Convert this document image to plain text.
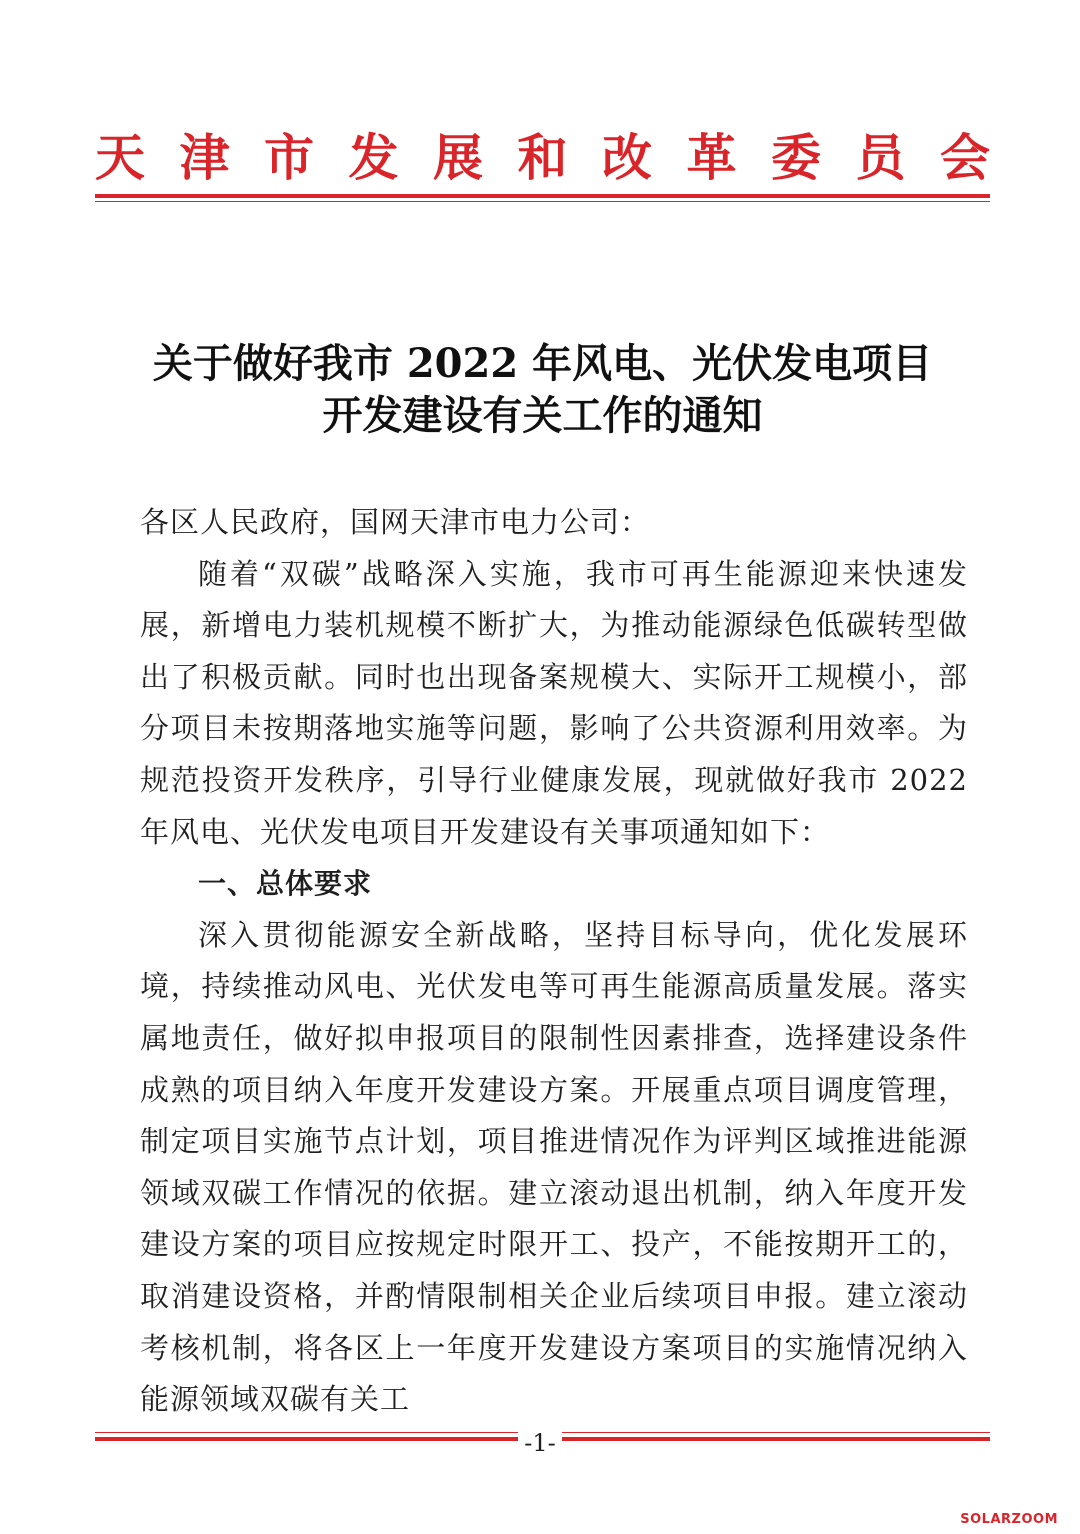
天 津 市 发 展 和 改 革 委 员 会
关于做好我市 2022 年风电、光伏发电项目
开发建设有关工作的通知

各区人民政府，国网天津市电力公司：

随着“双碳”战略深入实施，我市可再生能源迎来快速发展，新增电力装机规模不断扩大，为推动能源绿色低碳转型做出了积极贡献。同时也出现备案规模大、实际开工规模小，部分项目未按期落地实施等问题，影响了公共资源利用效率。为规范投资开发秩序，引导行业健康发展，现就做好我市 2022 年风电、光伏发电项目开发建设有关事项通知如下：

一、总体要求

深入贯彻能源安全新战略，坚持目标导向，优化发展环境，持续推动风电、光伏发电等可再生能源高质量发展。落实属地责任，做好拟申报项目的限制性因素排查，选择建设条件成熟的项目纳入年度开发建设方案。开展重点项目调度管理，制定项目实施节点计划，项目推进情况作为评判区域推进能源领域双碳工作情况的依据。建立滚动退出机制，纳入年度开发建设方案的项目应按规定时限开工、投产，不能按期开工的，取消建设资格，并酌情限制相关企业后续项目申报。建立滚动考核机制，将各区上一年度开发建设方案项目的实施情况纳入能源领域双碳有关工

-1-
SOLARZOOM
